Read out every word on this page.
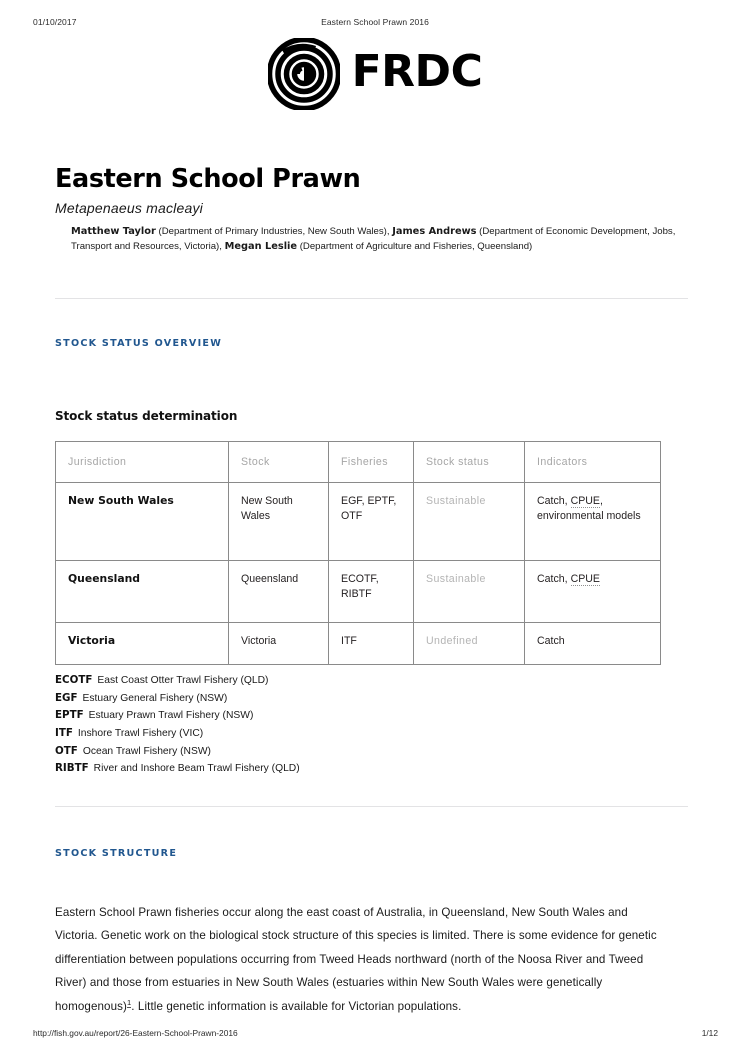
01/10/2017	Eastern School Prawn 2016
FRDC
Eastern School Prawn
Metapenaeus macleayi
Matthew Taylor (Department of Primary Industries, New South Wales), James Andrews (Department of Economic Development, Jobs, Transport and Resources, Victoria), Megan Leslie (Department of Agriculture and Fisheries, Queensland)
STOCK STATUS OVERVIEW
Stock status determination
Jurisdiction	Stock	Fisheries	Stock status	Indicators
New South Wales	New South Wales	EGF, EPTF, OTF	Sustainable	Catch, CPUE, environmental models
Queensland	Queensland	ECOTF, RIBTF	Sustainable	Catch, CPUE
Victoria	Victoria	ITF	Undefined	Catch
ECOTF East Coast Otter Trawl Fishery (QLD)
EGF Estuary General Fishery (NSW)
EPTF Estuary Prawn Trawl Fishery (NSW)
ITF Inshore Trawl Fishery (VIC)
OTF Ocean Trawl Fishery (NSW)
RIBTF River and Inshore Beam Trawl Fishery (QLD)
STOCK STRUCTURE

Eastern School Prawn fisheries occur along the east coast of Australia, in Queensland, New South Wales and Victoria. Genetic work on the biological stock structure of this species is limited. There is some evidence for genetic differentiation between populations occurring from Tweed Heads northward (north of the Noosa River and Tweed River) and those from estuaries in New South Wales (estuaries within New South Wales were genetically homogenous)$^1$. Little genetic information is available for Victorian populations.

http://fish.gov.au/report/26-Eastern-School-Prawn-2016	1/12
